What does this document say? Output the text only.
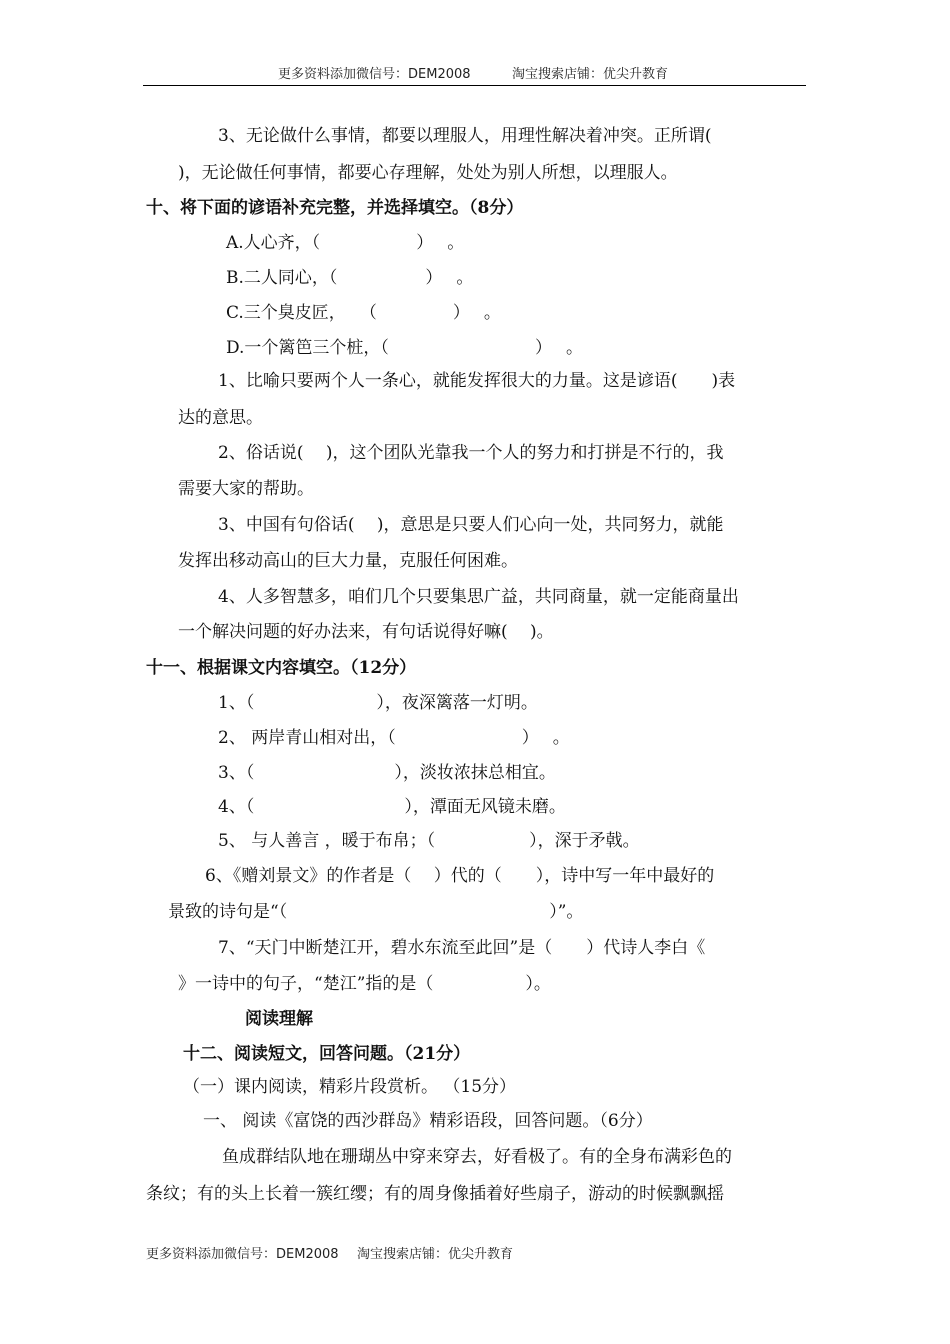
更多资料添加微信号：DEM2008	淘宝搜索店铺：优尖升教育
3、无论做什么事情，都要以理服人，用理性解决着冲突。正所谓(
)，无论做任何事情，都要心存理解，处处为别人所想，以理服人。
十、将下面的谚语补充完整，并选择填空。（8分）
A.人心齐，（	） 。
B.二人同心，（	） 。
C.三个臭皮匠， （	） 。
D.一个篱笆三个桩，（	） 。
1、比喻只要两个人一条心，就能发挥很大的力量。这是谚语(　　)表
达的意思。
2、俗话说(　 )，这个团队光靠我一个人的努力和打拼是不行的，我
需要大家的帮助。
3、中国有句俗话(　 )，意思是只要人们心向一处，共同努力，就能
发挥出移动高山的巨大力量，克服任何困难。
4、人多智慧多，咱们几个只要集思广益，共同商量，就一定能商量出
一个解决问题的好办法来，有句话说得好嘛(　 )。
十一、根据课文内容填空。（12分）
1、（	），夜深篱落一灯明。
2、 两岸青山相对出，（	） 。
3、（	），淡妆浓抹总相宜。
4、（	），潭面无风镜未磨。
5、 与人善言 ，暖于布帛；（	），深于矛戟。
6、《赠刘景文》的作者是（　 ）代的（　　），诗中写一年中最好的
景致的诗句是“（	）”。
7、“天门中断楚江开，碧水东流至此回”是（　　）代诗人李白《
》一诗中的句子，“楚江”指的是（	）。
阅读理解
十二、阅读短文，回答问题。（21分）
（一）课内阅读，精彩片段赏析。 （15分）
一、 阅读《富饶的西沙群岛》精彩语段，回答问题。（6分）
鱼成群结队地在珊瑚丛中穿来穿去，好看极了。有的全身布满彩色的
条纹；有的头上长着一簇红缨；有的周身像插着好些扇子，游动的时候飘飘摇
更多资料添加微信号：DEM2008 淘宝搜索店铺：优尖升教育
